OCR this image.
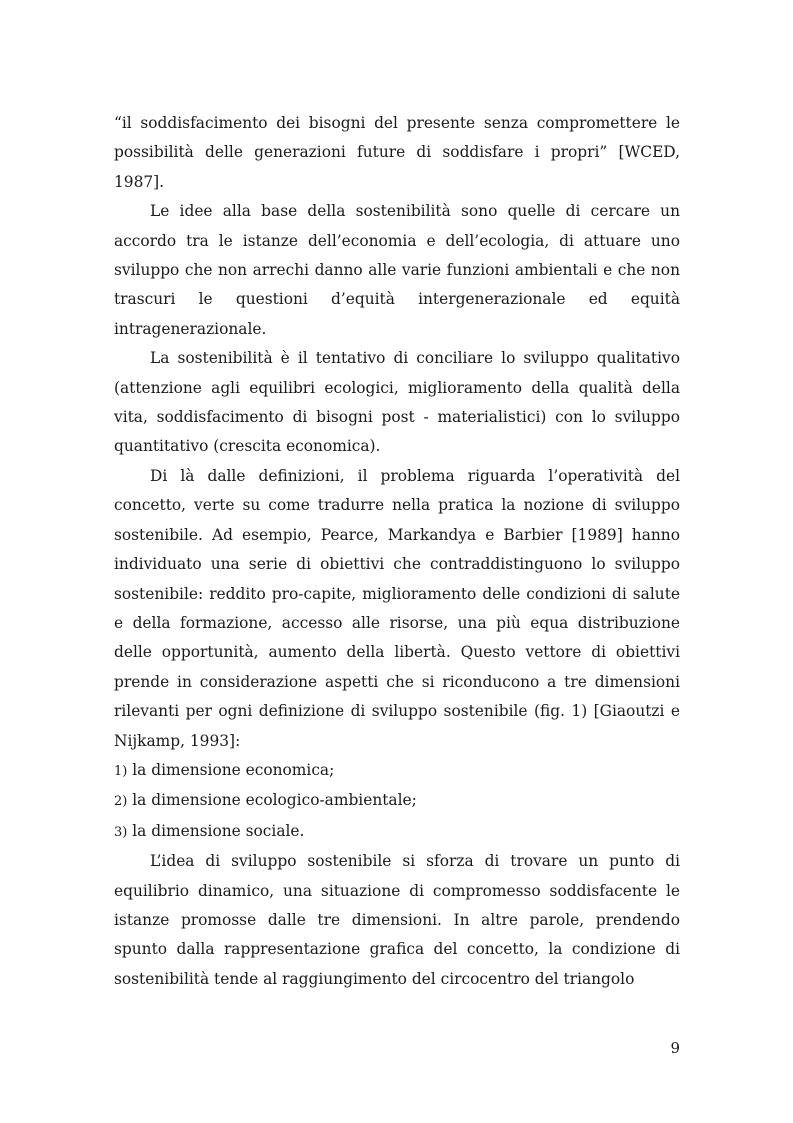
“il soddisfacimento dei bisogni del presente senza compromettere le possibilità delle generazioni future di soddisfare i propri” [WCED, 1987].

Le idee alla base della sostenibilità sono quelle di cercare un accordo tra le istanze dell’economia e dell’ecologia, di attuare uno sviluppo che non arrechi danno alle varie funzioni ambientali e che non trascuri le questioni d’equità intergenerazionale ed equità intragenerazionale.

La sostenibilità è il tentativo di conciliare lo sviluppo qualitativo (attenzione agli equilibri ecologici, miglioramento della qualità della vita, soddisfacimento di bisogni post - materialistici) con lo sviluppo quantitativo (crescita economica).

Di là dalle definizioni, il problema riguarda l’operatività del concetto, verte su come tradurre nella pratica la nozione di sviluppo sostenibile. Ad esempio, Pearce, Markandya e Barbier [1989] hanno individuato una serie di obiettivi che contraddistinguono lo sviluppo sostenibile: reddito pro-capite, miglioramento delle condizioni di salute e della formazione, accesso alle risorse, una più equa distribuzione delle opportunità, aumento della libertà. Questo vettore di obiettivi prende in considerazione aspetti che si riconducono a tre dimensioni rilevanti per ogni definizione di sviluppo sostenibile (fig. 1) [Giaoutzi e Nijkamp, 1993]:

1) la dimensione economica;
2) la dimensione ecologico-ambientale;
3) la dimensione sociale.

L’idea di sviluppo sostenibile si sforza di trovare un punto di equilibrio dinamico, una situazione di compromesso soddisfacente le istanze promosse dalle tre dimensioni. In altre parole, prendendo spunto dalla rappresentazione grafica del concetto, la condizione di sostenibilità tende al raggiungimento del circocentro del triangolo

9
